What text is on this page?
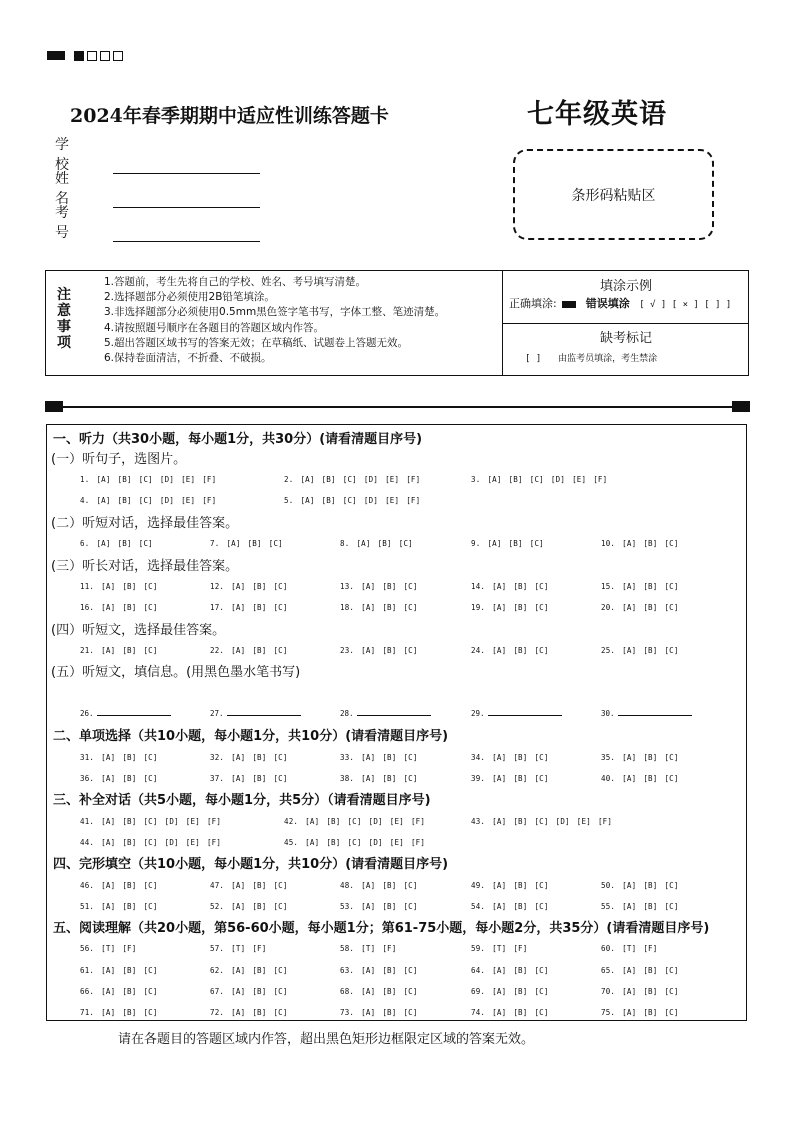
2024年春季期期中适应性训练答题卡	七年级英语
学校
姓名
考号
条形码粘贴区
注
意
事
项
1.答题前，考生先将自己的学校、姓名、考号填写清楚。
2.选择题部分必须使用2B铅笔填涂。
3.非选择题部分必须使用0.5mm黑色签字笔书写，字体工整、笔迹清楚。
4.请按照题号顺序在各题目的答题区域内作答。
5.超出答题区域书写的答案无效；在草稿纸、试题卷上答题无效。
6.保持卷面清洁，不折叠、不破损。
填涂示例
正确填涂:	错误填涂 [ √ ] [ × ] [ ] ]
缺考标记
[ ] 由监考员填涂，考生禁涂
一、听力（共30小题，每小题1分，共30分）(请看清题目序号)
(一）听句子，选图片。
(二）听短对话，选择最佳答案。
(三）听长对话，选择最佳答案。
(四）听短文，选择最佳答案。
(五）听短文，填信息。(用黑色墨水笔书写)
二、单项选择（共10小题，每小题1分，共10分）(请看清题目序号)
三、补全对话（共5小题，每小题1分，共5分）（请看清题目序号)
四、完形填空（共10小题，每小题1分，共10分）(请看清题目序号)
五、阅读理解（共20小题，第56-60小题，每小题1分；第61-75小题，每小题2分，共35分）(请看清题目序号)
1. [A] [B] [C] [D] [E] [F]	2. [A] [B] [C] [D] [E] [F]	3. [A] [B] [C] [D] [E] [F]
4. [A] [B] [C] [D] [E] [F]	5. [A] [B] [C] [D] [E] [F]
6. [A] [B] [C]	7. [A] [B] [C]	8. [A] [B] [C]	9. [A] [B] [C]	10. [A] [B] [C]
11. [A] [B] [C]	12. [A] [B] [C]	13. [A] [B] [C]	14. [A] [B] [C]	15. [A] [B] [C]
16. [A] [B] [C]	17. [A] [B] [C]	18. [A] [B] [C]	19. [A] [B] [C]	20. [A] [B] [C]
21. [A] [B] [C]	22. [A] [B] [C]	23. [A] [B] [C]	24. [A] [B] [C]	25. [A] [B] [C]
31. [A] [B] [C]	32. [A] [B] [C]	33. [A] [B] [C]	34. [A] [B] [C]	35. [A] [B] [C]
36. [A] [B] [C]	37. [A] [B] [C]	38. [A] [B] [C]	39. [A] [B] [C]	40. [A] [B] [C]
41. [A] [B] [C] [D] [E] [F]	42. [A] [B] [C] [D] [E] [F]	43. [A] [B] [C] [D] [E] [F]
44. [A] [B] [C] [D] [E] [F]	45. [A] [B] [C] [D] [E] [F]
46. [A] [B] [C]	47. [A] [B] [C]	48. [A] [B] [C]	49. [A] [B] [C]	50. [A] [B] [C]
51. [A] [B] [C]	52. [A] [B] [C]	53. [A] [B] [C]	54. [A] [B] [C]	55. [A] [B] [C]
56. [T] [F]	57. [T] [F]	58. [T] [F]	59. [T] [F]	60. [T] [F]
61. [A] [B] [C]	62. [A] [B] [C]	63. [A] [B] [C]	64. [A] [B] [C]	65. [A] [B] [C]
66. [A] [B] [C]	67. [A] [B] [C]	68. [A] [B] [C]	69. [A] [B] [C]	70. [A] [B] [C]
71. [A] [B] [C]	72. [A] [B] [C]	73. [A] [B] [C]	74. [A] [B] [C]	75. [A] [B] [C]
26.	27.	28.	29.	30.
请在各题目的答题区域内作答，超出黑色矩形边框限定区域的答案无效。
